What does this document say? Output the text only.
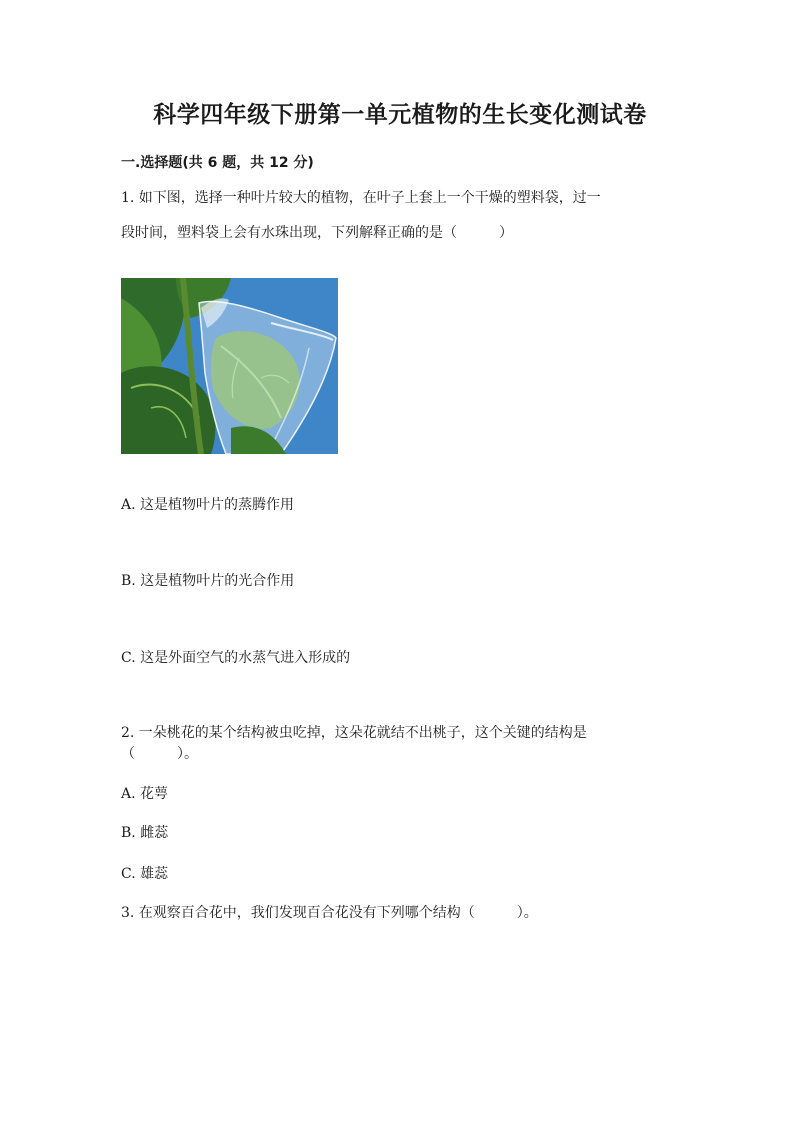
科学四年级下册第一单元植物的生长变化测试卷
一.选择题(共 6 题，共 12 分)
1. 如下图，选择一种叶片较大的植物，在叶子上套上一个干燥的塑料袋，过一
段时间，塑料袋上会有水珠出现，下列解释正确的是（　　　）
A. 这是植物叶片的蒸腾作用
B. 这是植物叶片的光合作用
C. 这是外面空气的水蒸气进入形成的
2. 一朵桃花的某个结构被虫吃掉，这朵花就结不出桃子，这个关键的结构是
（　　　）。
A. 花萼
B. 雌蕊
C. 雄蕊
3. 在观察百合花中，我们发现百合花没有下列哪个结构（　　　）。
